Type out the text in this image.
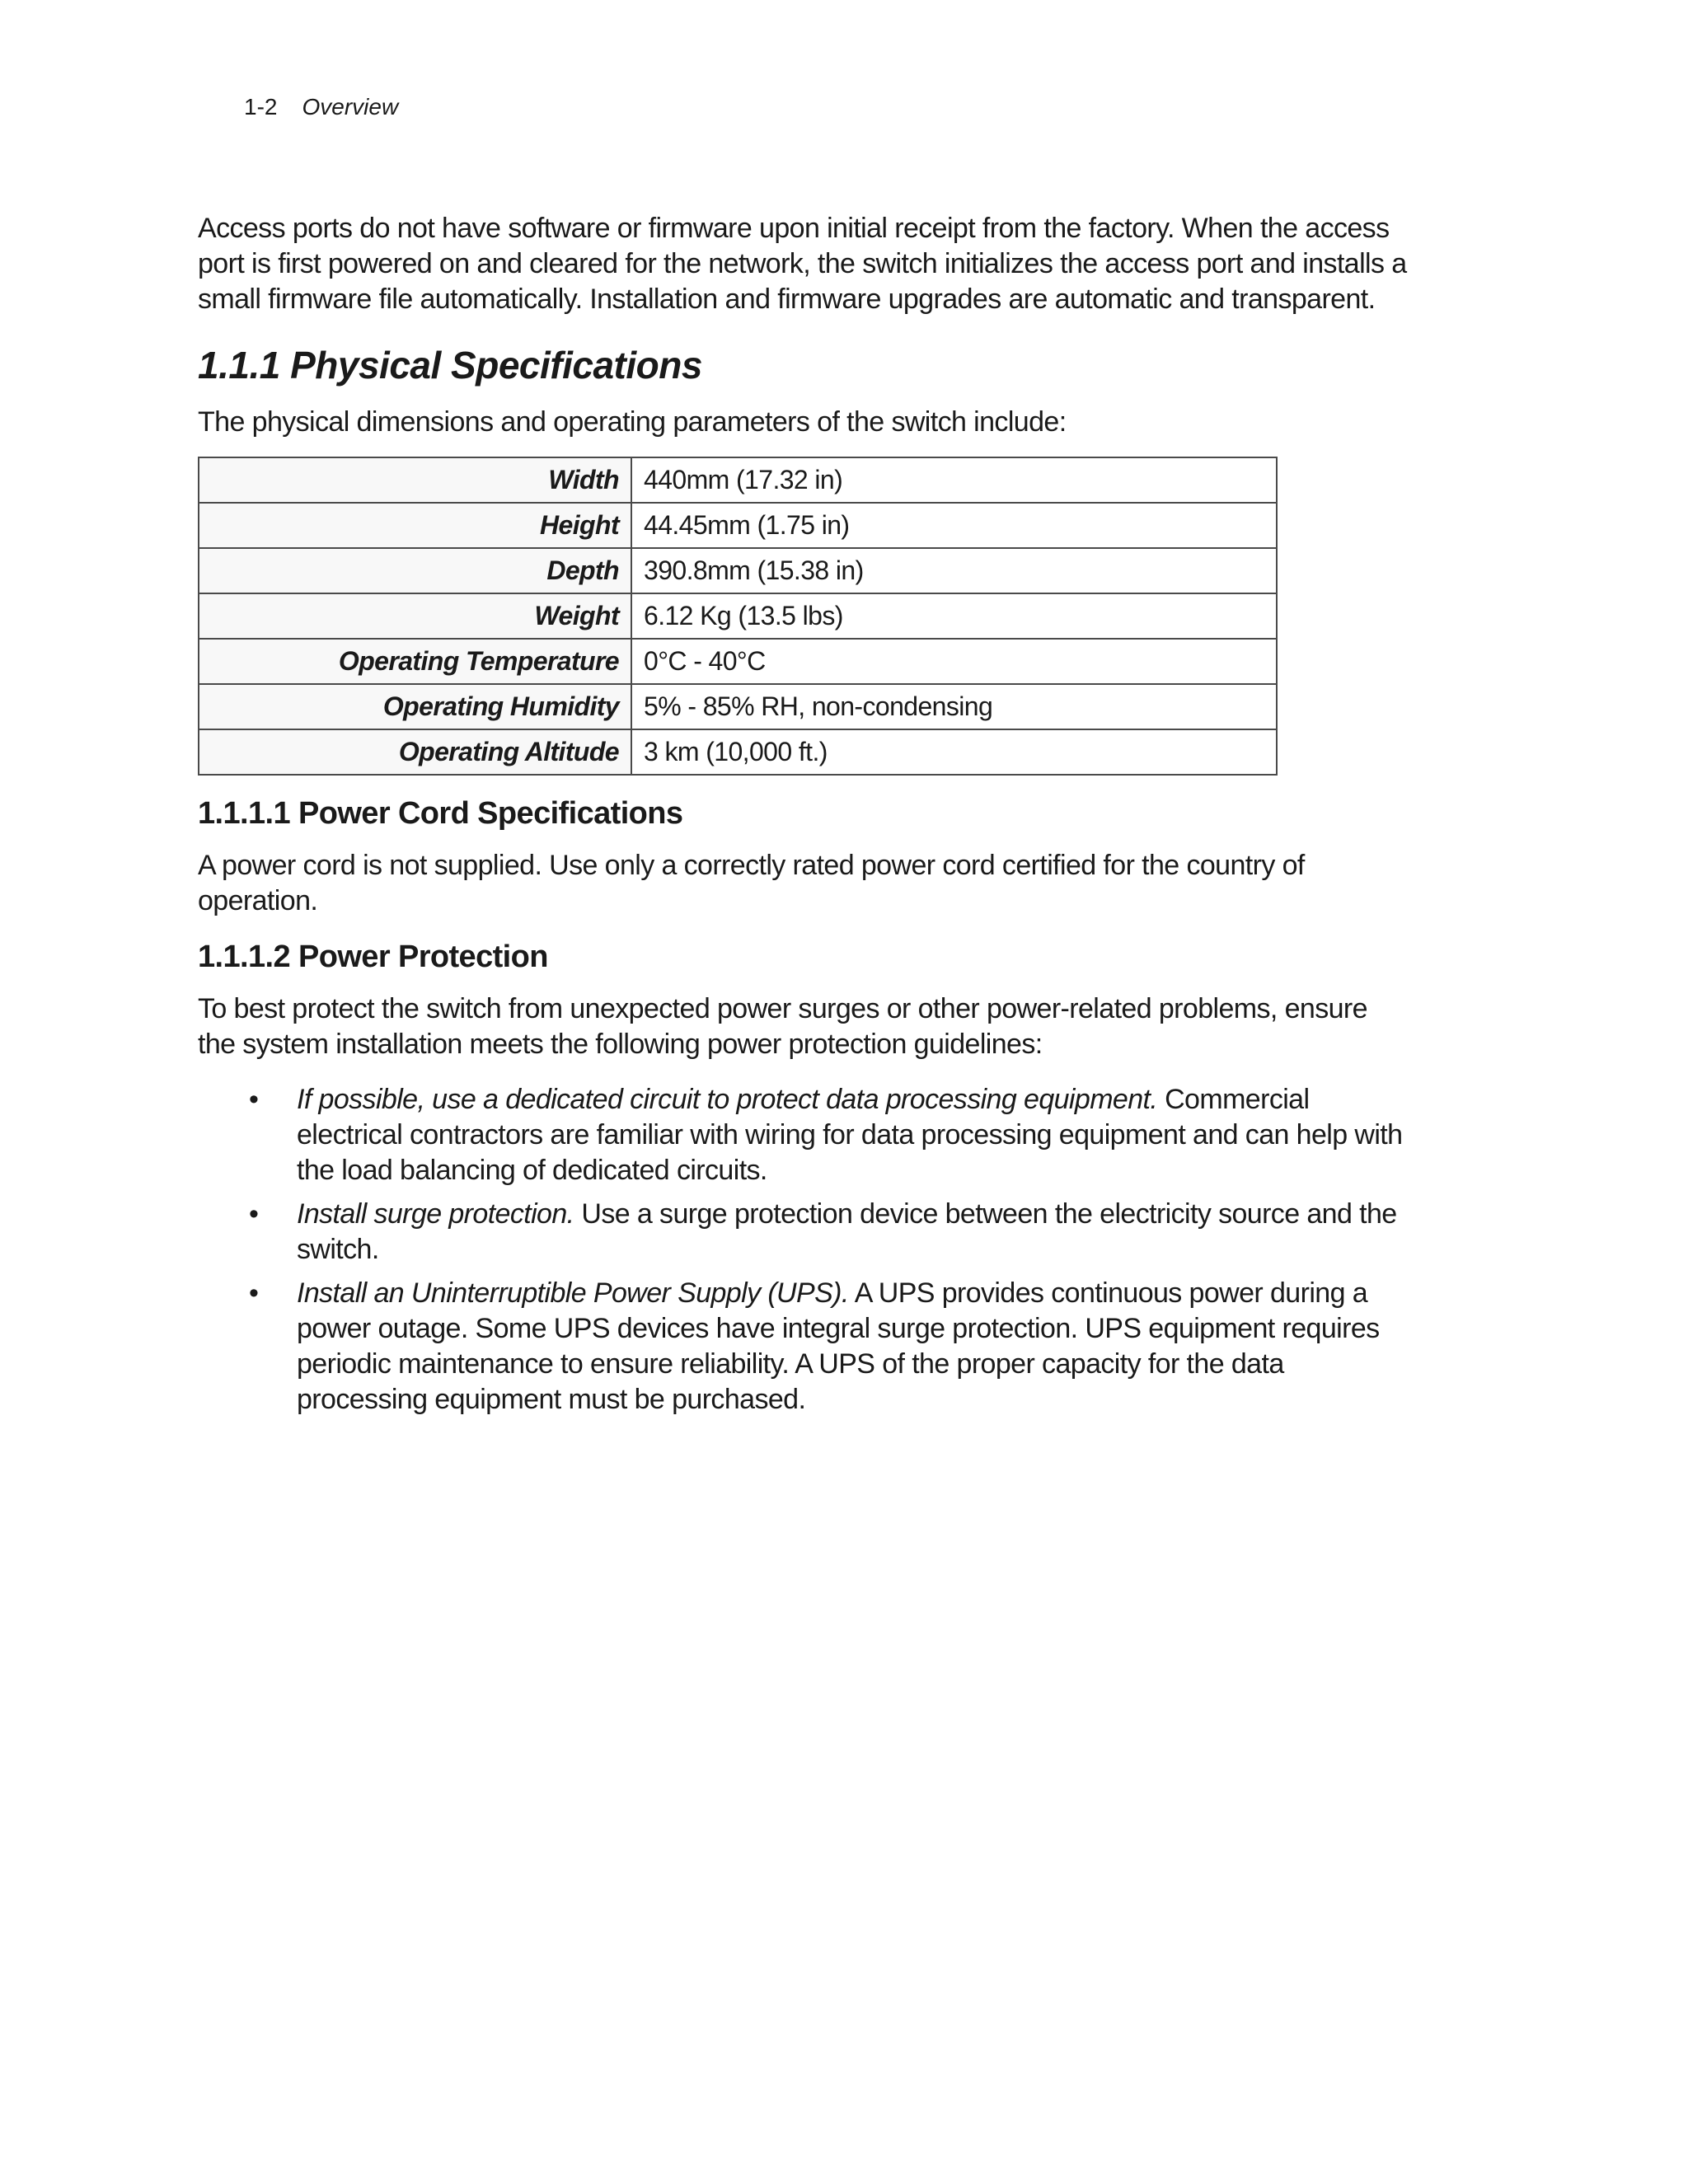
1-2 Overview

Access ports do not have software or firmware upon initial receipt from the factory. When the access port is first powered on and cleared for the network, the switch initializes the access port and installs a small firmware file automatically. Installation and firmware upgrades are automatic and transparent.

1.1.1 Physical Specifications

The physical dimensions and operating parameters of the switch include:

Width	440mm (17.32 in)
Height	44.45mm (1.75 in)
Depth	390.8mm (15.38 in)
Weight	6.12 Kg (13.5 lbs)
Operating Temperature	0°C - 40°C
Operating Humidity	5% - 85% RH, non-condensing
Operating Altitude	3 km (10,000 ft.)
1.1.1.1 Power Cord Specifications

A power cord is not supplied. Use only a correctly rated power cord certified for the country of operation.

1.1.1.2 Power Protection

To best protect the switch from unexpected power surges or other power-related problems, ensure the system installation meets the following power protection guidelines:

• If possible, use a dedicated circuit to protect data processing equipment. Commercial electrical contractors are familiar with wiring for data processing equipment and can help with the load balancing of dedicated circuits.
• Install surge protection. Use a surge protection device between the electricity source and the switch.
• Install an Uninterruptible Power Supply (UPS). A UPS provides continuous power during a power outage. Some UPS devices have integral surge protection. UPS equipment requires periodic maintenance to ensure reliability. A UPS of the proper capacity for the data processing equipment must be purchased.
